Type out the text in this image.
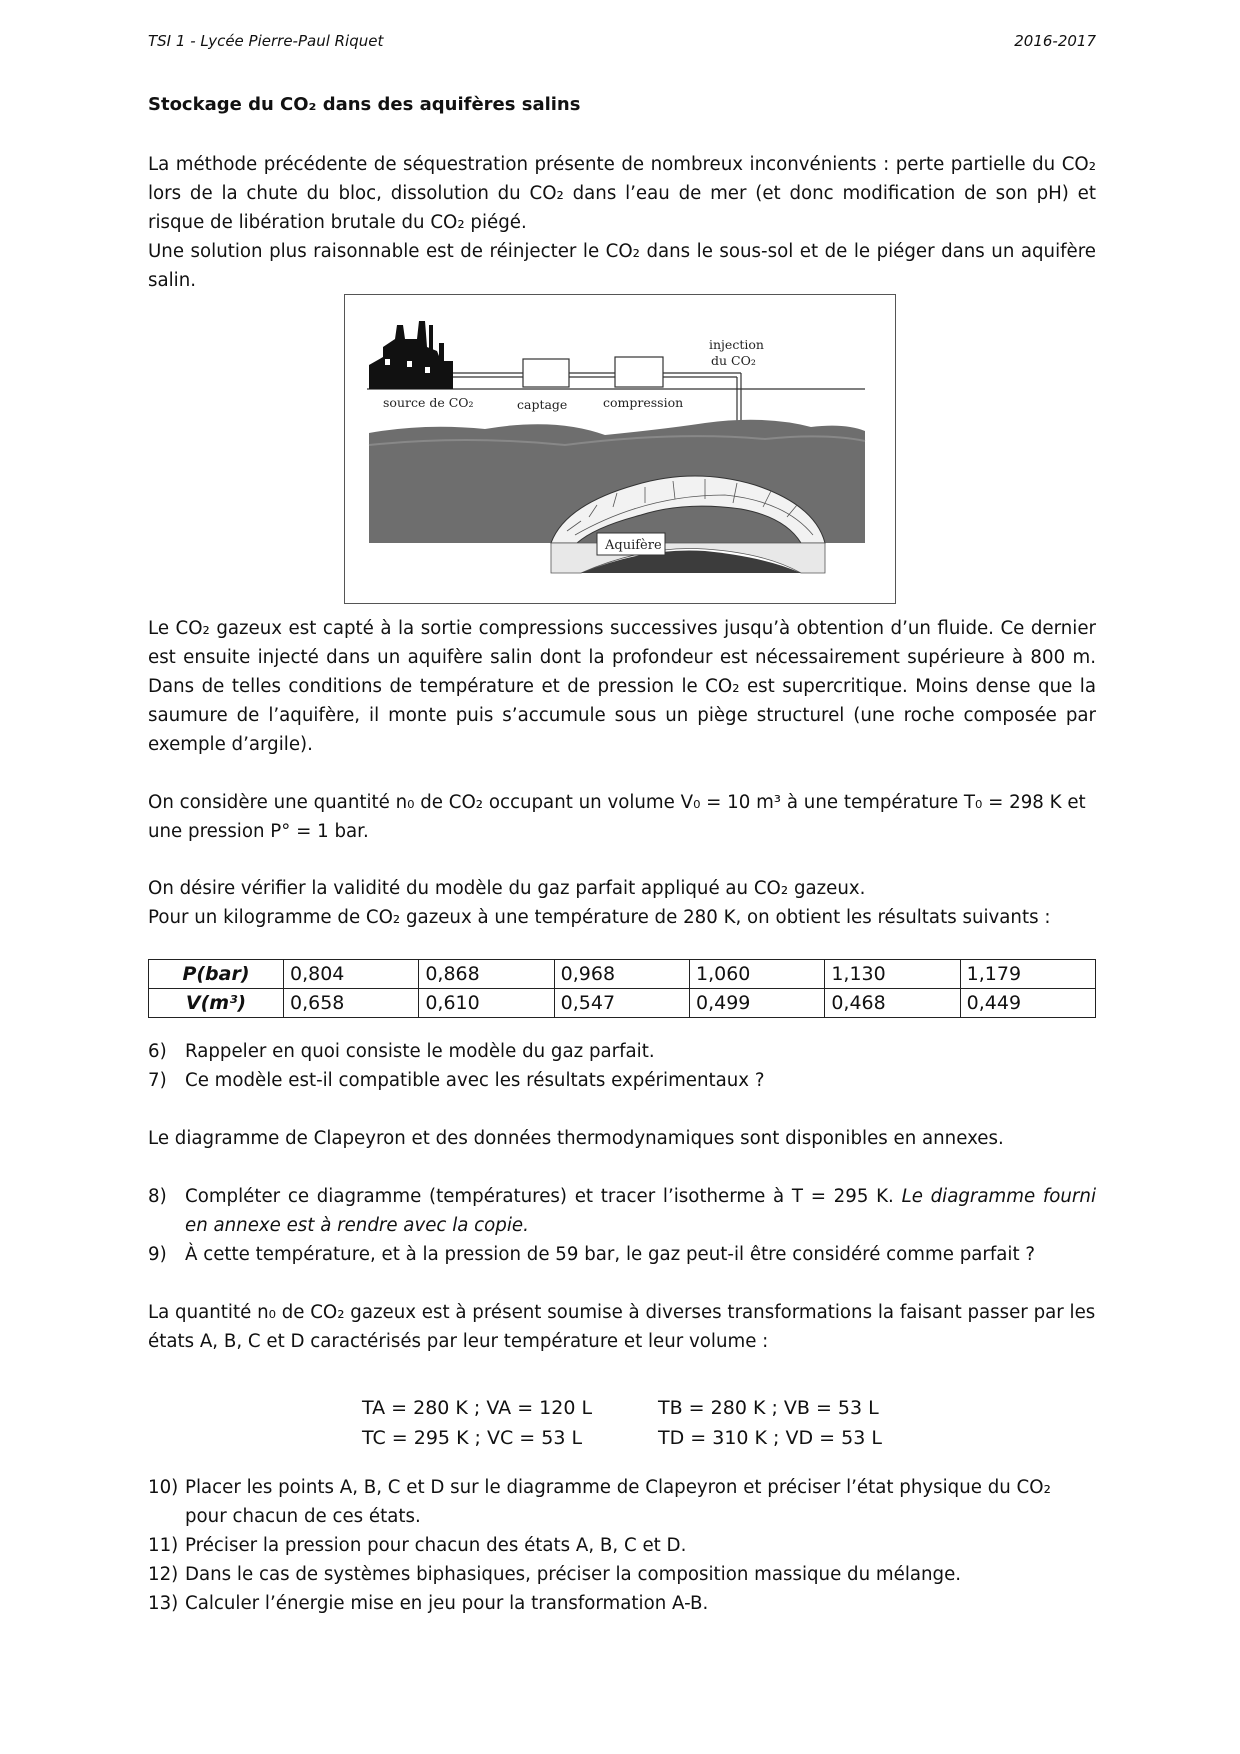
TSI 1 - Lycée Pierre-Paul Riquet	2016-2017
Stockage du CO₂ dans des aquifères salins
La méthode précédente de séquestration présente de nombreux inconvénients : perte partielle du CO₂ lors de la chute du bloc, dissolution du CO₂ dans l’eau de mer (et donc modification de son pH) et risque de libération brutale du CO₂ piégé.
Une solution plus raisonnable est de réinjecter le CO₂ dans le sous-sol et de le piéger dans un aquifère salin.
source de CO₂	captage	compression
injection
du CO₂
Aquifère
Le CO₂ gazeux est capté à la sortie compressions successives jusqu’à obtention d’un fluide. Ce dernier est ensuite injecté dans un aquifère salin dont la profondeur est nécessairement supérieure à 800 m. Dans de telles conditions de température et de pression le CO₂ est supercritique. Moins dense que la saumure de l’aquifère, il monte puis s’accumule sous un piège structurel (une roche composée par exemple d’argile).
On considère une quantité n₀ de CO₂ occupant un volume V₀ = 10 m³ à une température T₀ = 298 K et une pression P° = 1 bar.
On désire vérifier la validité du modèle du gaz parfait appliqué au CO₂ gazeux.
Pour un kilogramme de CO₂ gazeux à une température de 280 K, on obtient les résultats suivants :
P(bar)	0,804	0,868	0,968	1,060	1,130	1,179
V(m³)	0,658	0,610	0,547	0,499	0,468	0,449
6) Rappeler en quoi consiste le modèle du gaz parfait.
7) Ce modèle est-il compatible avec les résultats expérimentaux ?
Le diagramme de Clapeyron et des données thermodynamiques sont disponibles en annexes.
8) Compléter ce diagramme (températures) et tracer l’isotherme à T = 295 K. Le diagramme fourni en annexe est à rendre avec la copie.
9) À cette température, et à la pression de 59 bar, le gaz peut-il être considéré comme parfait ?
La quantité n₀ de CO₂ gazeux est à présent soumise à diverses transformations la faisant passer par les états A, B, C et D caractérisés par leur température et leur volume :
TA = 280 K ; VA = 120 L	TB = 280 K ; VB = 53 L
TC = 295 K ; VC = 53 L	TD = 310 K ; VD = 53 L
10) Placer les points A, B, C et D sur le diagramme de Clapeyron et préciser l’état physique du CO₂ pour chacun de ces états.
11) Préciser la pression pour chacun des états A, B, C et D.
12) Dans le cas de systèmes biphasiques, préciser la composition massique du mélange.
13) Calculer l’énergie mise en jeu pour la transformation A-B.
